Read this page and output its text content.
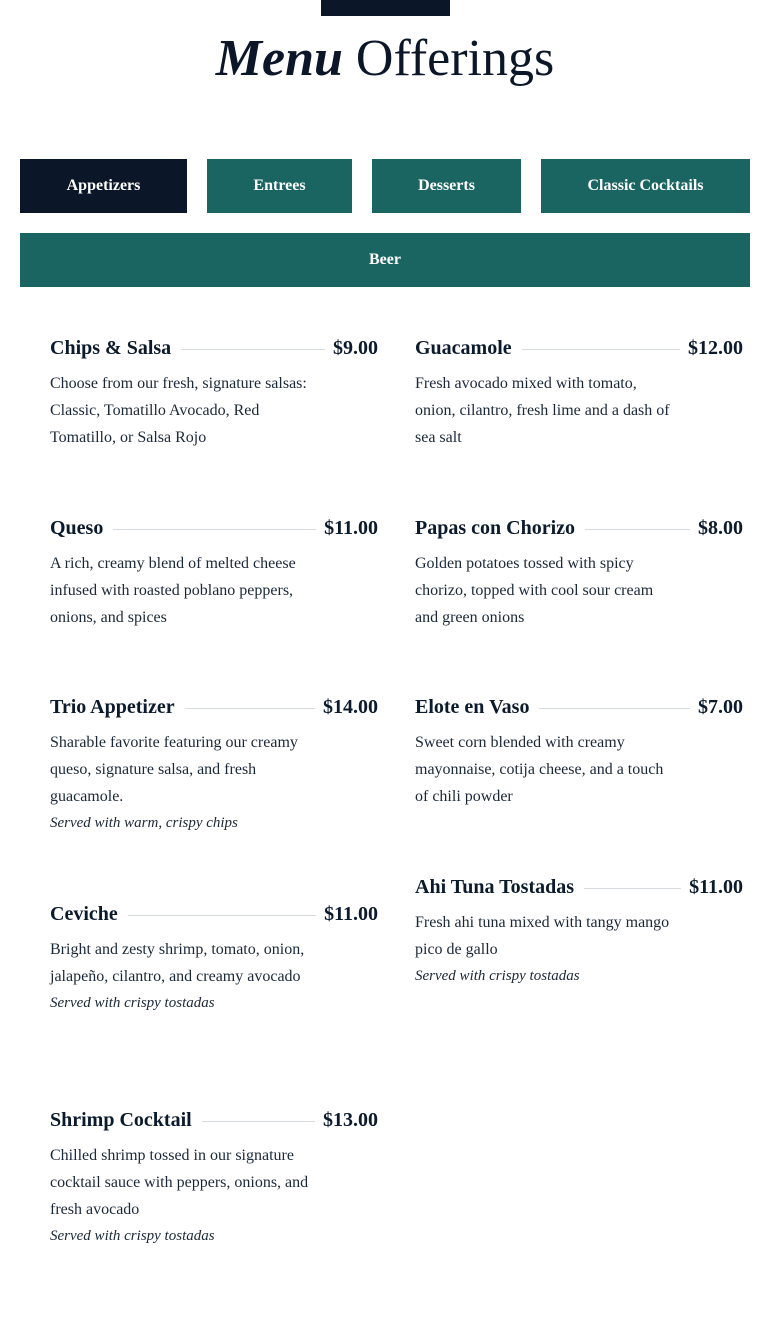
Menu Offerings
Appetizers	Entrees	Desserts	Classic Cocktails
Beer
Chips & Salsa	$9.00
Choose from our fresh, signature salsas: Classic, Tomatillo Avocado, Red Tomatillo, or Salsa Rojo
Queso	$11.00
A rich, creamy blend of melted cheese infused with roasted poblano peppers, onions, and spices
Trio Appetizer	$14.00
Sharable favorite featuring our creamy queso, signature salsa, and fresh guacamole.
Served with warm, crispy chips
Ceviche	$11.00
Bright and zesty shrimp, tomato, onion, jalapeño, cilantro, and creamy avocado
Served with crispy tostadas
Shrimp Cocktail	$13.00
Chilled shrimp tossed in our signature cocktail sauce with peppers, onions, and fresh avocado
Served with crispy tostadas
Guacamole	$12.00
Fresh avocado mixed with tomato, onion, cilantro, fresh lime and a dash of sea salt
Papas con Chorizo	$8.00
Golden potatoes tossed with spicy chorizo, topped with cool sour cream and green onions
Elote en Vaso	$7.00
Sweet corn blended with creamy mayonnaise, cotija cheese, and a touch of chili powder
Ahi Tuna Tostadas	$11.00
Fresh ahi tuna mixed with tangy mango pico de gallo
Served with crispy tostadas
